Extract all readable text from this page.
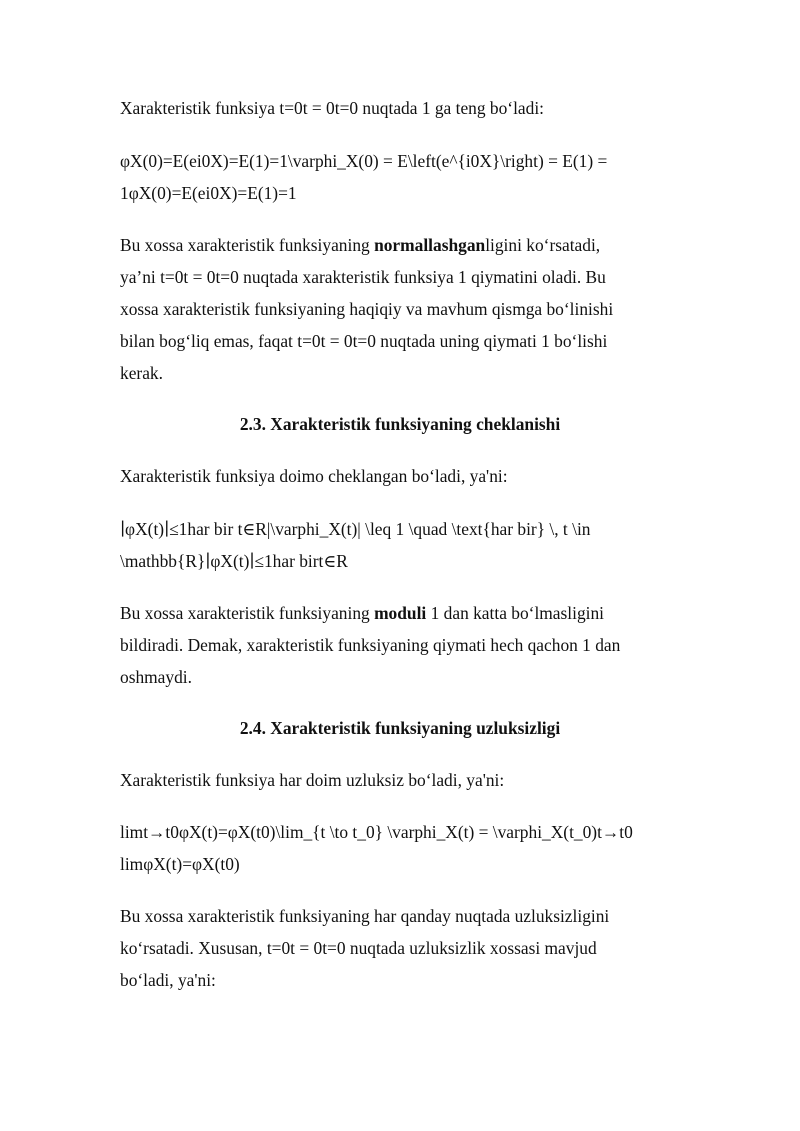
Xarakteristik funksiya t=0t = 0t=0 nuqtada 1 ga teng bo‘ladi:
φX(0)=E(ei0X)=E(1)=1\varphi_X(0) = E\left(e^{i0X}\right) = E(1) =
1φX(0)=E(ei0X)=E(1)=1
Bu xossa xarakteristik funksiyaning normallashganligini ko‘rsatadi,
ya’ni t=0t = 0t=0 nuqtada xarakteristik funksiya 1 qiymatini oladi. Bu
xossa xarakteristik funksiyaning haqiqiy va mavhum qismga bo‘linishi
bilan bog‘liq emas, faqat t=0t = 0t=0 nuqtada uning qiymati 1 bo‘lishi
kerak.
2.3. Xarakteristik funksiyaning cheklanishi
Xarakteristik funksiya doimo cheklangan bo‘ladi, ya'ni:
∣φX(t)∣≤1har bir t∈R|\varphi_X(t)| \leq 1 \quad \text{har bir} \, t \in
\mathbb{R}∣φX(t)∣≤1har birt∈R
Bu xossa xarakteristik funksiyaning moduli 1 dan katta bo‘lmasligini
bildiradi. Demak, xarakteristik funksiyaning qiymati hech qachon 1 dan
oshmaydi.
2.4. Xarakteristik funksiyaning uzluksizligi
Xarakteristik funksiya har doim uzluksiz bo‘ladi, ya'ni:
limt→t0φX(t)=φX(t0)\lim_{t \to t_0} \varphi_X(t) = \varphi_X(t_0)t→t0
limφX(t)=φX(t0)
Bu xossa xarakteristik funksiyaning har qanday nuqtada uzluksizligini
ko‘rsatadi. Xususan, t=0t = 0t=0 nuqtada uzluksizlik xossasi mavjud
bo‘ladi, ya'ni:
